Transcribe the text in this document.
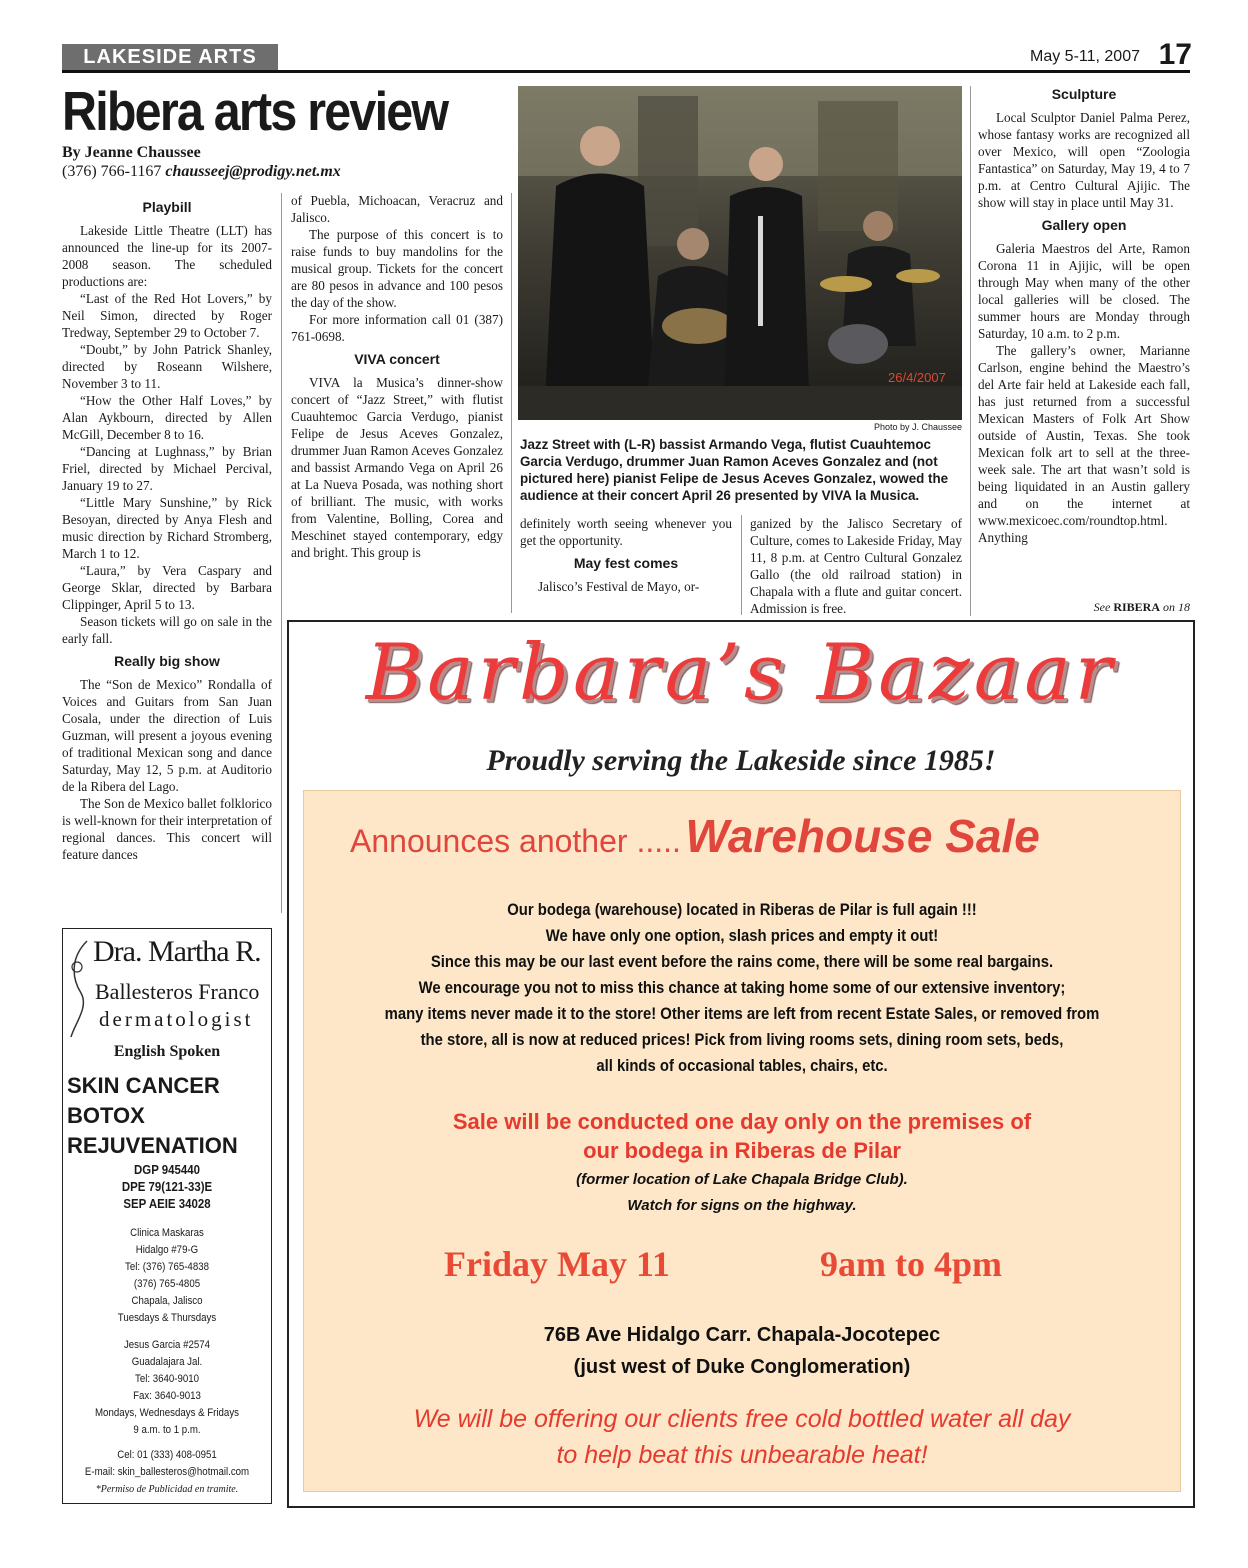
LAKESIDE ARTS	May 5-11, 2007 17
Ribera arts review
By Jeanne Chaussee
(376) 766-1167 chausseej@prodigy.net.mx
Playbill

Lakeside Little Theatre (LLT) has announced the line-up for its 2007-2008 season. The scheduled productions are:

“Last of the Red Hot Lovers,” by Neil Simon, directed by Roger Tredway, September 29 to October 7.

“Doubt,” by John Patrick Shanley, directed by Roseann Wilshere, November 3 to 11.

“How the Other Half Loves,” by Alan Aykbourn, directed by Allen McGill, December 8 to 16.

“Dancing at Lughnass,” by Brian Friel, directed by Michael Percival, January 19 to 27.

“Little Mary Sunshine,” by Rick Besoyan, directed by Anya Flesh and music direction by Richard Stromberg, March 1 to 12.

“Laura,” by Vera Caspary and George Sklar, directed by Barbara Clippinger, April 5 to 13.

Season tickets will go on sale in the early fall.

Really big show

The “Son de Mexico” Rondalla of Voices and Guitars from San Juan Cosala, under the direction of Luis Guzman, will present a joyous evening of traditional Mexican song and dance Saturday, May 12, 5 p.m. at Auditorio de la Ribera del Lago.

The Son de Mexico ballet folklorico is well-known for their interpretation of regional dances. This concert will feature dances

of Puebla, Michoacan, Veracruz and Jalisco.

The purpose of this concert is to raise funds to buy mandolins for the musical group. Tickets for the concert are 80 pesos in advance and 100 pesos the day of the show.

For more information call 01 (387) 761-0698.

VIVA concert

VIVA la Musica’s dinner-show concert of “Jazz Street,” with flutist Cuauhtemoc Garcia Verdugo, pianist Felipe de Jesus Aceves Gonzalez, drummer Juan Ramon Aceves Gonzalez and bassist Armando Vega on April 26 at La Nueva Posada, was nothing short of brilliant. The music, with works from Valentine, Bolling, Corea and Meschinet stayed contemporary, edgy and bright. This group is

26/4/2007
Photo by J. Chaussee
Jazz Street with (L-R) bassist Armando Vega, flutist Cuauhtemoc Garcia Verdugo, drummer Juan Ramon Aceves Gonzalez and (not pictured here) pianist Felipe de Jesus Aceves Gonzalez, wowed the audience at their concert April 26 presented by VIVA la Musica.

definitely worth seeing whenever you get the opportunity.

May fest comes

Jalisco’s Festival de Mayo, or-

ganized by the Jalisco Secretary of Culture, comes to Lakeside Friday, May 11, 8 p.m. at Centro Cultural Gonzalez Gallo (the old railroad station) in Chapala with a flute and guitar concert. Admission is free.

Sculpture

Local Sculptor Daniel Palma Perez, whose fantasy works are recognized all over Mexico, will open “Zoologia Fantastica” on Saturday, May 19, 4 to 7 p.m. at Centro Cultural Ajijic. The show will stay in place until May 31.

Gallery open

Galeria Maestros del Arte, Ramon Corona 11 in Ajijic, will be open through May when many of the other local galleries will be closed. The summer hours are Monday through Saturday, 10 a.m. to 2 p.m.

The gallery’s owner, Marianne Carlson, engine behind the Maestro’s del Arte fair held at Lakeside each fall, has just returned from a successful Mexican Masters of Folk Art Show outside of Austin, Texas. She took Mexican folk art to sell at the three-week sale. The art that wasn’t sold is being liquidated in an Austin gallery and on the internet at www.mexicoec.com/roundtop.html. Anything

See RIBERA on 18
Dra. Martha R.
Ballesteros Franco
dermatologist
English Spoken
SKIN CANCER
BOTOX
REJUVENATION
DGP 945440
DPE 79(121-33)E
SEP AEIE 34028
Clinica Maskaras
Hidalgo #79-G
Tel: (376) 765-4838
(376) 765-4805
Chapala, Jalisco
Tuesdays & Thursdays
Jesus Garcia #2574
Guadalajara Jal.
Tel: 3640-9010
Fax: 3640-9013
Mondays, Wednesdays & Fridays
9 a.m. to 1 p.m.
Cel: 01 (333) 408-0951
E-mail: skin_ballesteros@hotmail.com
*Permiso de Publicidad en tramite.
Barbara’s Bazaar
Proudly serving the Lakeside since 1985!
Announces another ..... Warehouse Sale
Our bodega (warehouse) located in Riberas de Pilar is full again !!!
We have only one option, slash prices and empty it out!
Since this may be our last event before the rains come, there will be some real bargains.
We encourage you not to miss this chance at taking home some of our extensive inventory;
many items never made it to the store! Other items are left from recent Estate Sales, or removed from
the store, all is now at reduced prices! Pick from living rooms sets, dining room sets, beds,
all kinds of occasional tables, chairs, etc.
Sale will be conducted one day only on the premises of
our bodega in Riberas de Pilar
(former location of Lake Chapala Bridge Club).
Watch for signs on the highway.
Friday May 11	9am to 4pm
76B Ave Hidalgo Carr. Chapala-Jocotepec
(just west of Duke Conglomeration)
We will be offering our clients free cold bottled water all day
to help beat this unbearable heat!
